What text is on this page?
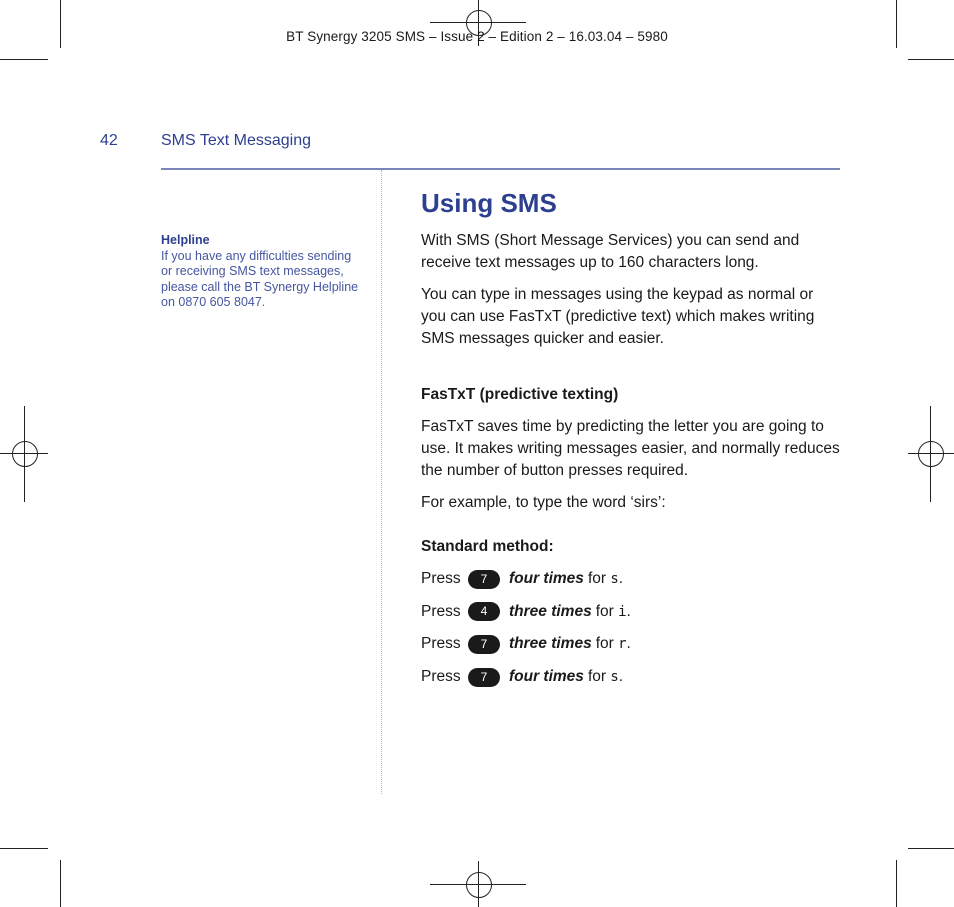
BT Synergy 3205 SMS – Issue 2 – Edition 2 – 16.03.04 – 5980
42	SMS Text Messaging
Helpline
If you have any difficulties sending
or receiving SMS text messages,
please call the BT Synergy Helpline
on 0870 605 8047.
Using SMS

With SMS (Short Message Services) you can send and receive text messages up to 160 characters long.

You can type in messages using the keypad as normal or you can use FasTxT (predictive text) which makes writing SMS messages quicker and easier.

FasTxT (predictive texting)

FasTxT saves time by predicting the letter you are going to use. It makes writing messages easier, and normally reduces the number of button presses required.

For example, to type the word ‘sirs’:

Standard method:
Press	7	four times for
s .
Press	4	three times for
i .
Press	7	three times for
r .
Press	7	four times for
s .
